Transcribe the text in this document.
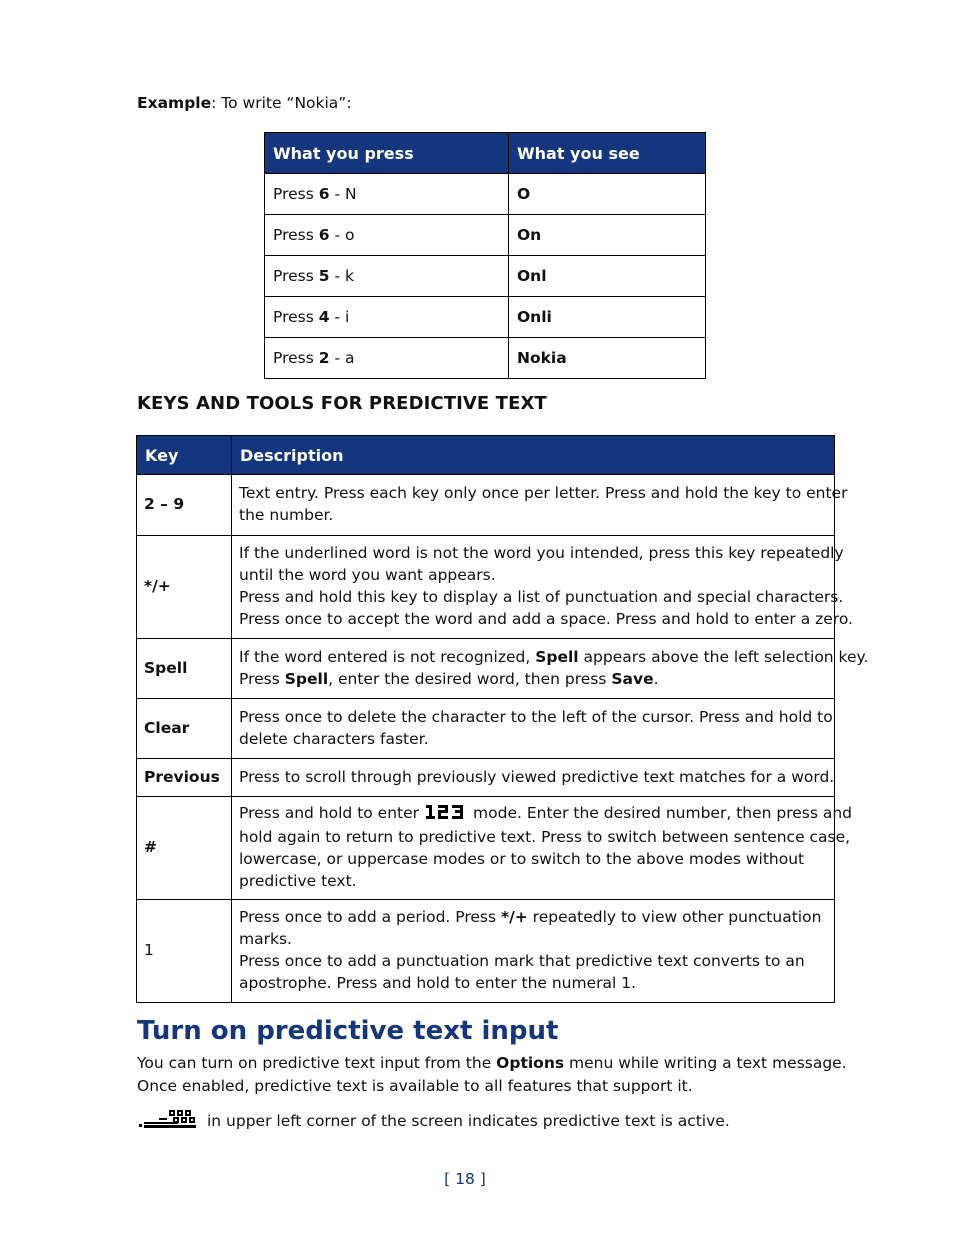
Example: To write “Nokia”:
What you press	What you see
Press 6 - N	O
Press 6 - o	On
Press 5 - k	Onl
Press 4 - i	Onli
Press 2 - a	Nokia
KEYS AND TOOLS FOR PREDICTIVE TEXT
Key	Description
2 – 9	Text entry. Press each key only once per letter. Press and hold the key to enter
the number.

*/+	If the underlined word is not the word you intended, press this key repeatedly
until the word you want appears.
Press and hold this key to display a list of punctuation and special characters.
Press once to accept the word and add a space. Press and hold to enter a zero.

Spell	If the word entered is not recognized, Spell appears above the left selection key.
Press Spell, enter the desired word, then press Save.

Clear	Press once to delete the character to the left of the cursor. Press and hold to
delete characters faster.

Previous	Press to scroll through previously viewed predictive text matches for a word.

#	Press and hold to enter mode. Enter the desired number, then press and
hold again to return to predictive text. Press to switch between sentence case,
lowercase, or uppercase modes or to switch to the above modes without
predictive text.

1	Press once to add a period. Press */+ repeatedly to view other punctuation
marks.
Press once to add a punctuation mark that predictive text converts to an
apostrophe. Press and hold to enter the numeral 1.
Turn on predictive text input
You can turn on predictive text input from the Options menu while writing a text message.
Once enabled, predictive text is available to all features that support it.
in upper left corner of the screen indicates predictive text is active.
[ 18 ]
